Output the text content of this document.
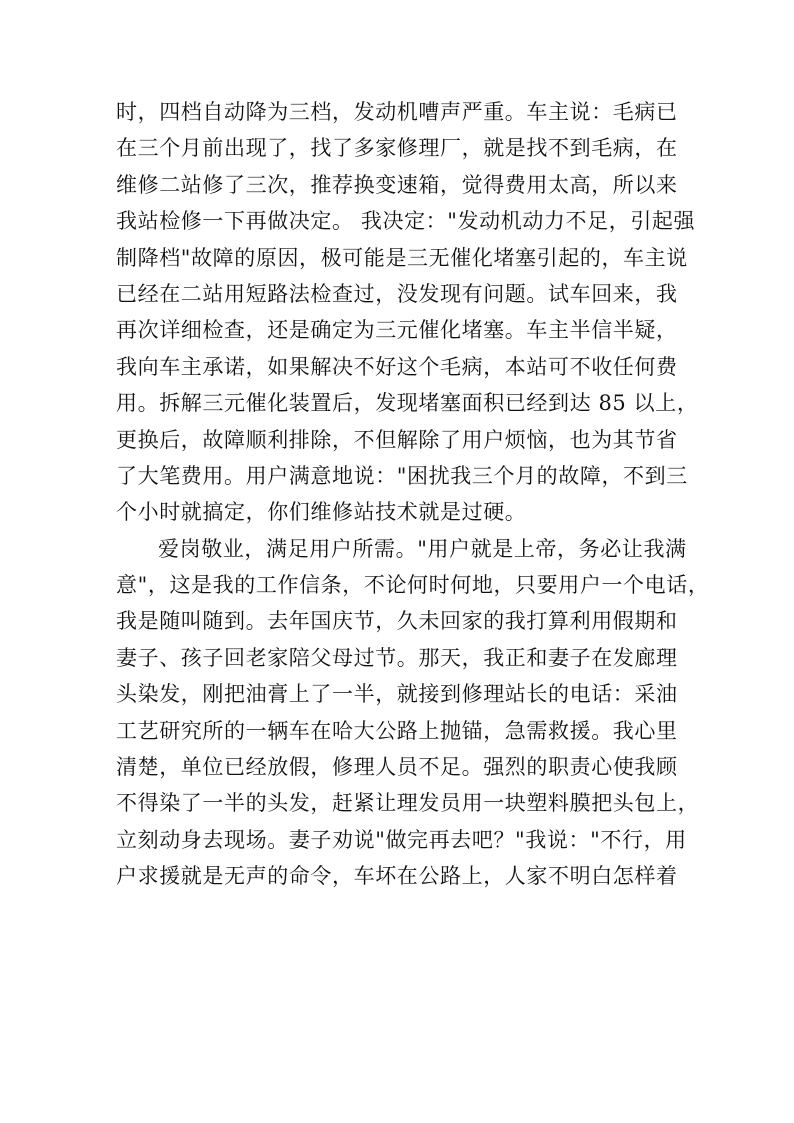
时，四档自动降为三档，发动机嘈声严重。车主说：毛病已
在三个月前出现了，找了多家修理厂，就是找不到毛病，在
维修二站修了三次，推荐换变速箱，觉得费用太高，所以来
我站检修一下再做决定。 我决定："发动机动力不足，引起强
制降档"故障的原因，极可能是三无催化堵塞引起的，车主说
已经在二站用短路法检查过，没发现有问题。试车回来，我
再次详细检查，还是确定为三元催化堵塞。车主半信半疑，
我向车主承诺，如果解决不好这个毛病，本站可不收任何费
用。拆解三元催化装置后，发现堵塞面积已经到达 85 以上，
更换后，故障顺利排除，不但解除了用户烦恼，也为其节省
了大笔费用。用户满意地说："困扰我三个月的故障，不到三
个小时就搞定，你们维修站技术就是过硬。
爱岗敬业，满足用户所需。"用户就是上帝，务必让我满
意"，这是我的工作信条，不论何时何地，只要用户一个电话，
我是随叫随到。去年国庆节，久未回家的我打算利用假期和
妻子、孩子回老家陪父母过节。那天，我正和妻子在发廊理
头染发，刚把油膏上了一半，就接到修理站长的电话：采油
工艺研究所的一辆车在哈大公路上抛锚，急需救援。我心里
清楚，单位已经放假，修理人员不足。强烈的职责心使我顾
不得染了一半的头发，赶紧让理发员用一块塑料膜把头包上，
立刻动身去现场。妻子劝说"做完再去吧？"我说："不行，用
户求援就是无声的命令，车坏在公路上，人家不明白怎样着
